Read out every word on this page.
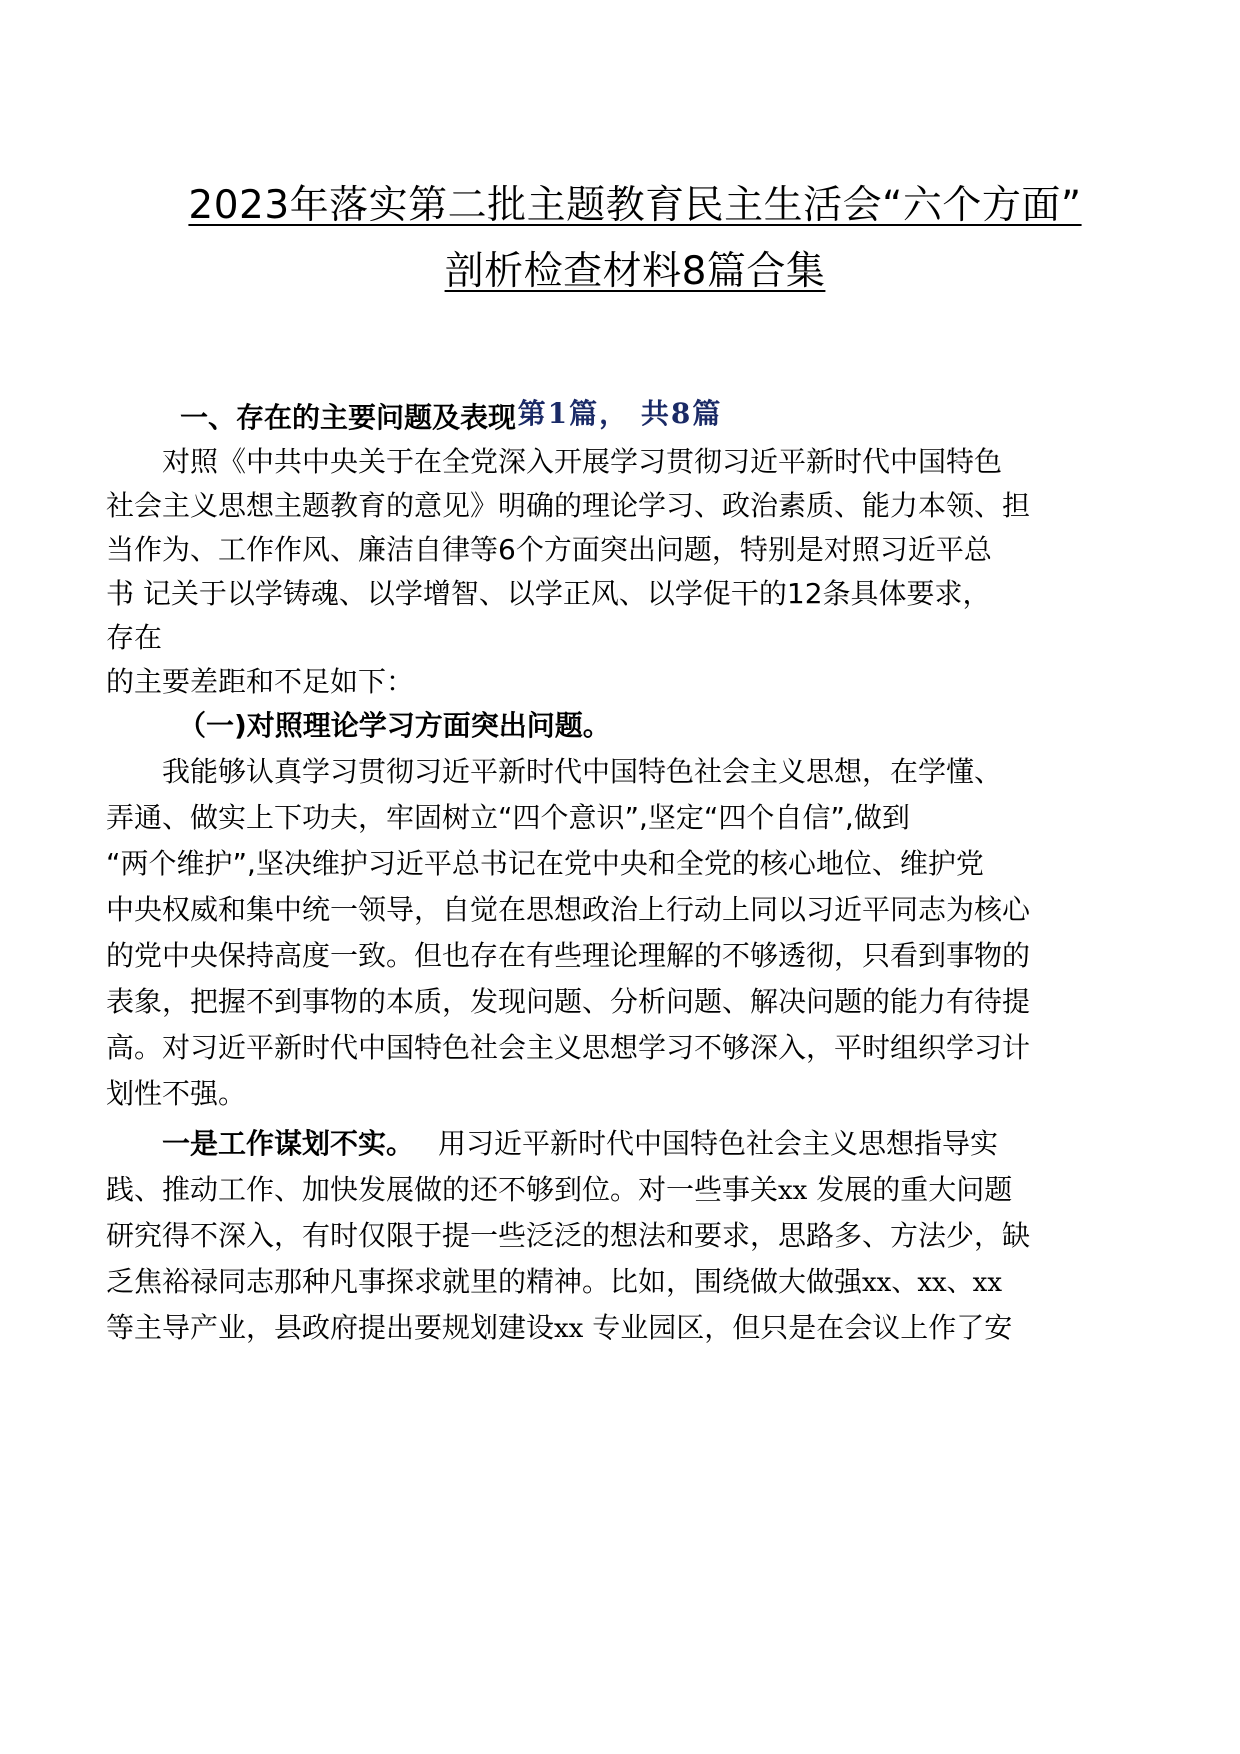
2023年落实第二批主题教育民主生活会“六个方面”
剖析检查材料8篇合集
第1篇， 共8篇
一、存在的主要问题及表现
对照《中共中央关于在全党深入开展学习贯彻习近平新时代中国特色
社会主义思想主题教育的意见》明确的理论学习、政治素质、能力本领、担
当作为、工作作风、廉洁自律等6个方面突出问题，特别是对照习近平总
书 记关于以学铸魂、以学增智、以学正风、以学促干的12条具体要求，
存在
的主要差距和不足如下：
（一)对照理论学习方面突出问题。
我能够认真学习贯彻习近平新时代中国特色社会主义思想，在学懂、
弄通、做实上下功夫，牢固树立“四个意识”,坚定“四个自信”,做到
“两个维护”,坚决维护习近平总书记在党中央和全党的核心地位、维护党
中央权威和集中统一领导，自觉在思想政治上行动上同以习近平同志为核心
的党中央保持高度一致。但也存在有些理论理解的不够透彻，只看到事物的
表象，把握不到事物的本质，发现问题、分析问题、解决问题的能力有待提
高。对习近平新时代中国特色社会主义思想学习不够深入，平时组织学习计
划性不强。
一是工作谋划不实。 用习近平新时代中国特色社会主义思想指导实
践、推动工作、加快发展做的还不够到位。对一些事关xx 发展的重大问题
研究得不深入，有时仅限于提一些泛泛的想法和要求，思路多、方法少，缺
乏焦裕禄同志那种凡事探求就里的精神。比如，围绕做大做强xx、xx、xx
等主导产业，县政府提出要规划建设xx 专业园区，但只是在会议上作了安
